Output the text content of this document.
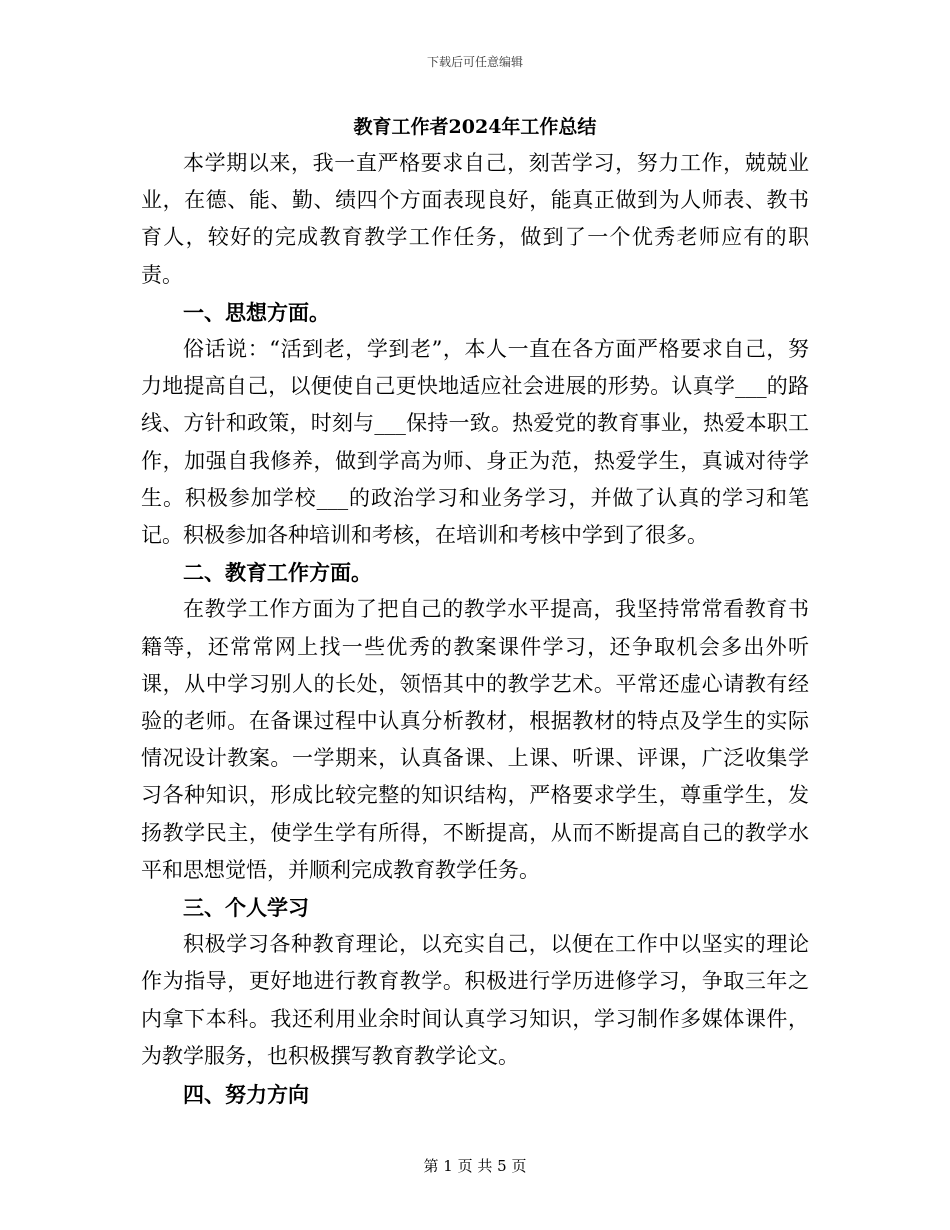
下载后可任意编辑
教育工作者2024年工作总结

本学期以来，我一直严格要求自己，刻苦学习，努力工作，兢兢业业，在德、能、勤、绩四个方面表现良好，能真正做到为人师表、教书育人，较好的完成教育教学工作任务，做到了一个优秀老师应有的职责。

一、思想方面。

俗话说：“活到老，学到老”，本人一直在各方面严格要求自己，努力地提高自己，以便使自己更快地适应社会进展的形势。认真学___的路线、方针和政策，时刻与___保持一致。热爱党的教育事业，热爱本职工作，加强自我修养，做到学高为师、身正为范，热爱学生，真诚对待学生。积极参加学校___的政治学习和业务学习，并做了认真的学习和笔记。积极参加各种培训和考核，在培训和考核中学到了很多。

二、教育工作方面。

在教学工作方面为了把自己的教学水平提高，我坚持常常看教育书籍等，还常常网上找一些优秀的教案课件学习，还争取机会多出外听课，从中学习别人的长处，领悟其中的教学艺术。平常还虚心请教有经验的老师。在备课过程中认真分析教材，根据教材的特点及学生的实际情况设计教案。一学期来，认真备课、上课、听课、评课，广泛收集学习各种知识，形成比较完整的知识结构，严格要求学生，尊重学生，发扬教学民主，使学生学有所得，不断提高，从而不断提高自己的教学水平和思想觉悟，并顺利完成教育教学任务。

三、个人学习

积极学习各种教育理论，以充实自己，以便在工作中以坚实的理论作为指导，更好地进行教育教学。积极进行学历进修学习，争取三年之内拿下本科。我还利用业余时间认真学习知识，学习制作多媒体课件，为教学服务，也积极撰写教育教学论文。

四、努力方向

第 1 页 共 5 页
